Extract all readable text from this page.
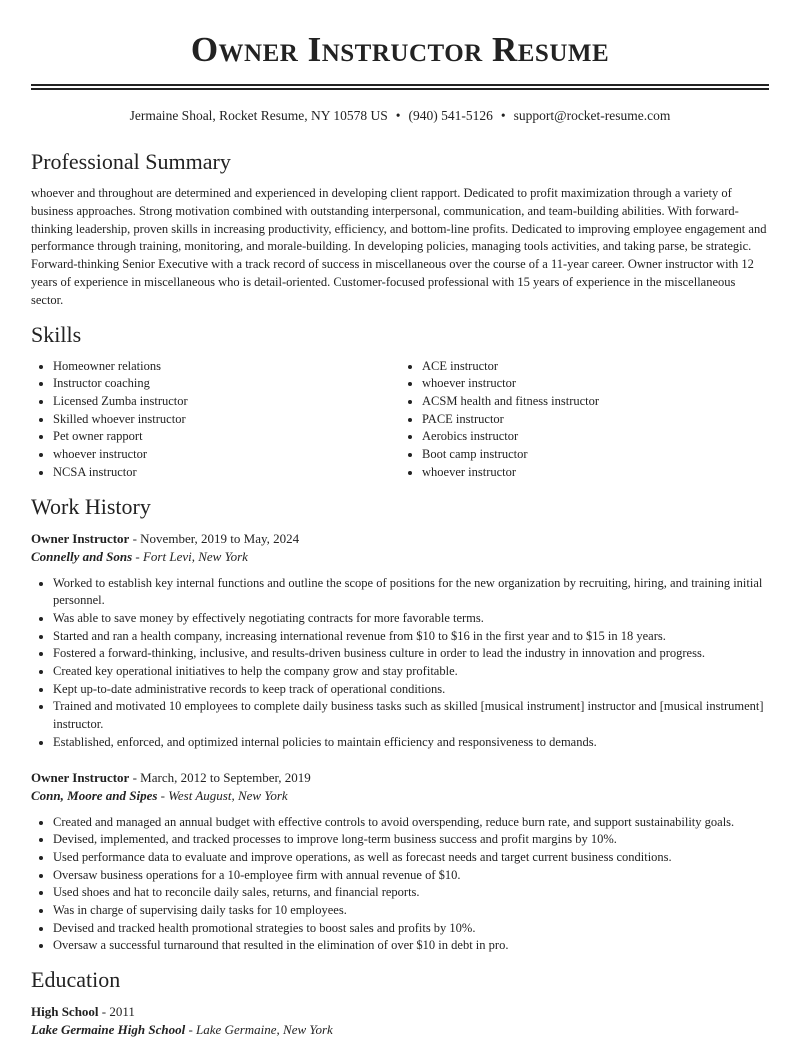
Owner Instructor Resume
Jermaine Shoal, Rocket Resume, NY 10578 US • (940) 541-5126 • support@rocket-resume.com
Professional Summary

whoever and throughout are determined and experienced in developing client rapport. Dedicated to profit maximization through a variety of business approaches. Strong motivation combined with outstanding interpersonal, communication, and team-building abilities. With forward-thinking leadership, proven skills in increasing productivity, efficiency, and bottom-line profits. Dedicated to improving employee engagement and performance through training, monitoring, and morale-building. In developing policies, managing tools activities, and taking parse, be strategic. Forward-thinking Senior Executive with a track record of success in miscellaneous over the course of a 11-year career. Owner instructor with 12 years of experience in miscellaneous who is detail-oriented. Customer-focused professional with 15 years of experience in the miscellaneous sector.

Skills
• Homeowner relations
• Instructor coaching
• Licensed Zumba instructor
• Skilled whoever instructor
• Pet owner rapport
• whoever instructor
• NCSA instructor
• ACE instructor
• whoever instructor
• ACSM health and fitness instructor
• PACE instructor
• Aerobics instructor
• Boot camp instructor
• whoever instructor
Work History
Owner Instructor - November, 2019 to May, 2024
Connelly and Sons - Fort Levi, New York
• Worked to establish key internal functions and outline the scope of positions for the new organization by recruiting, hiring, and training initial personnel.
• Was able to save money by effectively negotiating contracts for more favorable terms.
• Started and ran a health company, increasing international revenue from $10 to $16 in the first year and to $15 in 18 years.
• Fostered a forward-thinking, inclusive, and results-driven business culture in order to lead the industry in innovation and progress.
• Created key operational initiatives to help the company grow and stay profitable.
• Kept up-to-date administrative records to keep track of operational conditions.
• Trained and motivated 10 employees to complete daily business tasks such as skilled [musical instrument] instructor and [musical instrument] instructor.
• Established, enforced, and optimized internal policies to maintain efficiency and responsiveness to demands.
Owner Instructor - March, 2012 to September, 2019
Conn, Moore and Sipes - West August, New York
• Created and managed an annual budget with effective controls to avoid overspending, reduce burn rate, and support sustainability goals.
• Devised, implemented, and tracked processes to improve long-term business success and profit margins by 10%.
• Used performance data to evaluate and improve operations, as well as forecast needs and target current business conditions.
• Oversaw business operations for a 10-employee firm with annual revenue of $10.
• Used shoes and hat to reconcile daily sales, returns, and financial reports.
• Was in charge of supervising daily tasks for 10 employees.
• Devised and tracked health promotional strategies to boost sales and profits by 10%.
• Oversaw a successful turnaround that resulted in the elimination of over $10 in debt in pro.
Education
High School - 2011
Lake Germaine High School - Lake Germaine, New York
